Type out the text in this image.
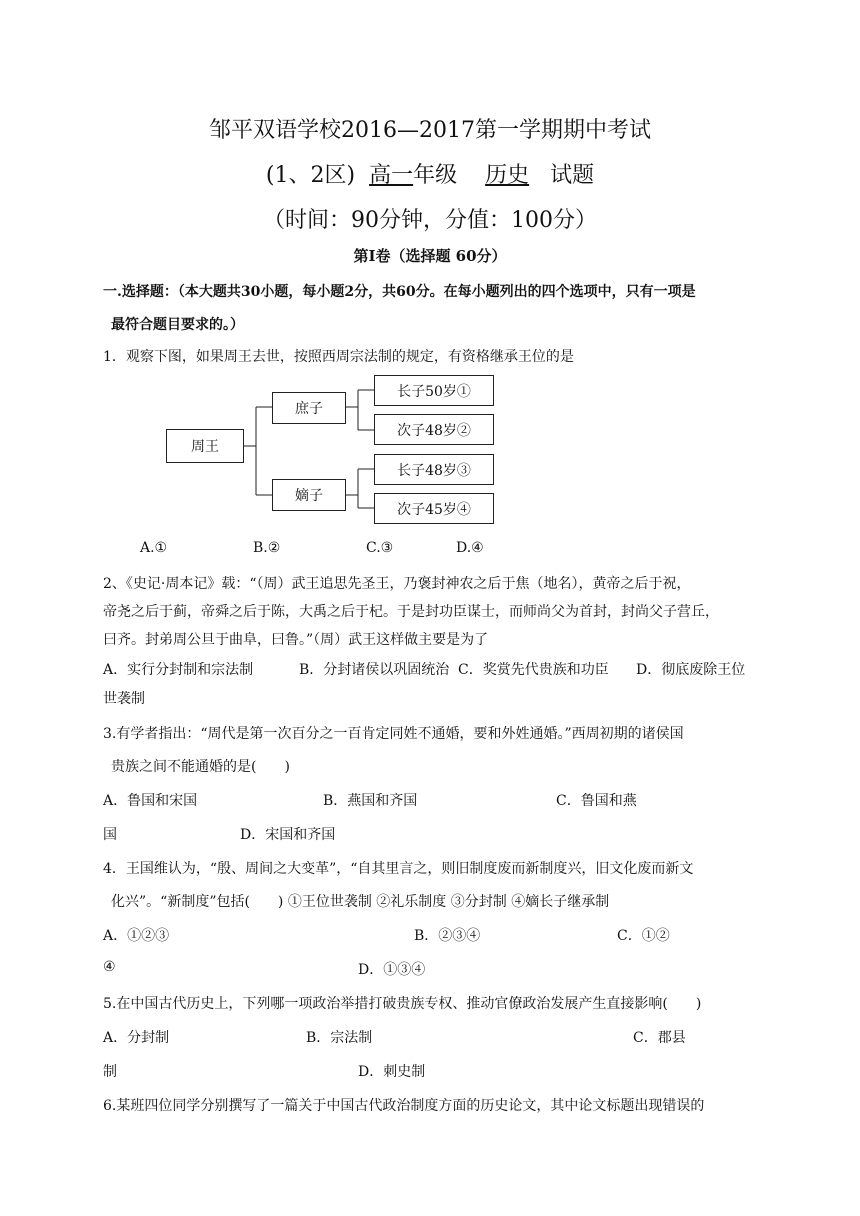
邹平双语学校2016—2017第一学期期中考试
(1、2区) 高一年级 历史 试题
（时间：90分钟，分值：100分）
第Ⅰ卷（选择题 60分）
一.选择题：（本大题共30小题，每小题2分，共60分。在每小题列出的四个选项中，只有一项是
最符合题目要求的。）
1．观察下图，如果周王去世，按照西周宗法制的规定，有资格继承王位的是
周王
庶子
嫡子
长子50岁①
次子48岁②
长子48岁③
次子45岁④
A.①	B.②	C.③	D.④
2、《史记·周本记》载：“（周）武王追思先圣王，乃褒封神农之后于焦（地名），黄帝之后于祝，
帝尧之后于蓟，帝舜之后于陈，大禹之后于杞。于是封功臣谋士，而师尚父为首封，封尚父子营丘，
曰齐。封弟周公旦于曲阜，曰鲁。”（周）武王这样做主要是为了
A．实行分封制和宗法制	B．分封诸侯以巩固统治 C．奖赏先代贵族和功臣 D．彻底废除王位
世袭制
3.有学者指出：“周代是第一次百分之一百肯定同姓不通婚，要和外姓通婚。”西周初期的诸侯国
贵族之间不能通婚的是(　　)
A．鲁国和宋国	B．燕国和齐国	C．鲁国和燕
国	D．宋国和齐国
4．王国维认为，“殷、周间之大变革”，“自其里言之，则旧制度废而新制度兴，旧文化废而新文
化兴”。“新制度”包括(　　) ①王位世袭制 ②礼乐制度 ③分封制 ④嫡长子继承制
A．①②③	B．②③④	C．①②
④	D．①③④
5.在中国古代历史上，下列哪一项政治举措打破贵族专权、推动官僚政治发展产生直接影响(　　)
A．分封制	B．宗法制	C．郡县
制	D．刺史制
6.某班四位同学分别撰写了一篇关于中国古代政治制度方面的历史论文，其中论文标题出现错误的
